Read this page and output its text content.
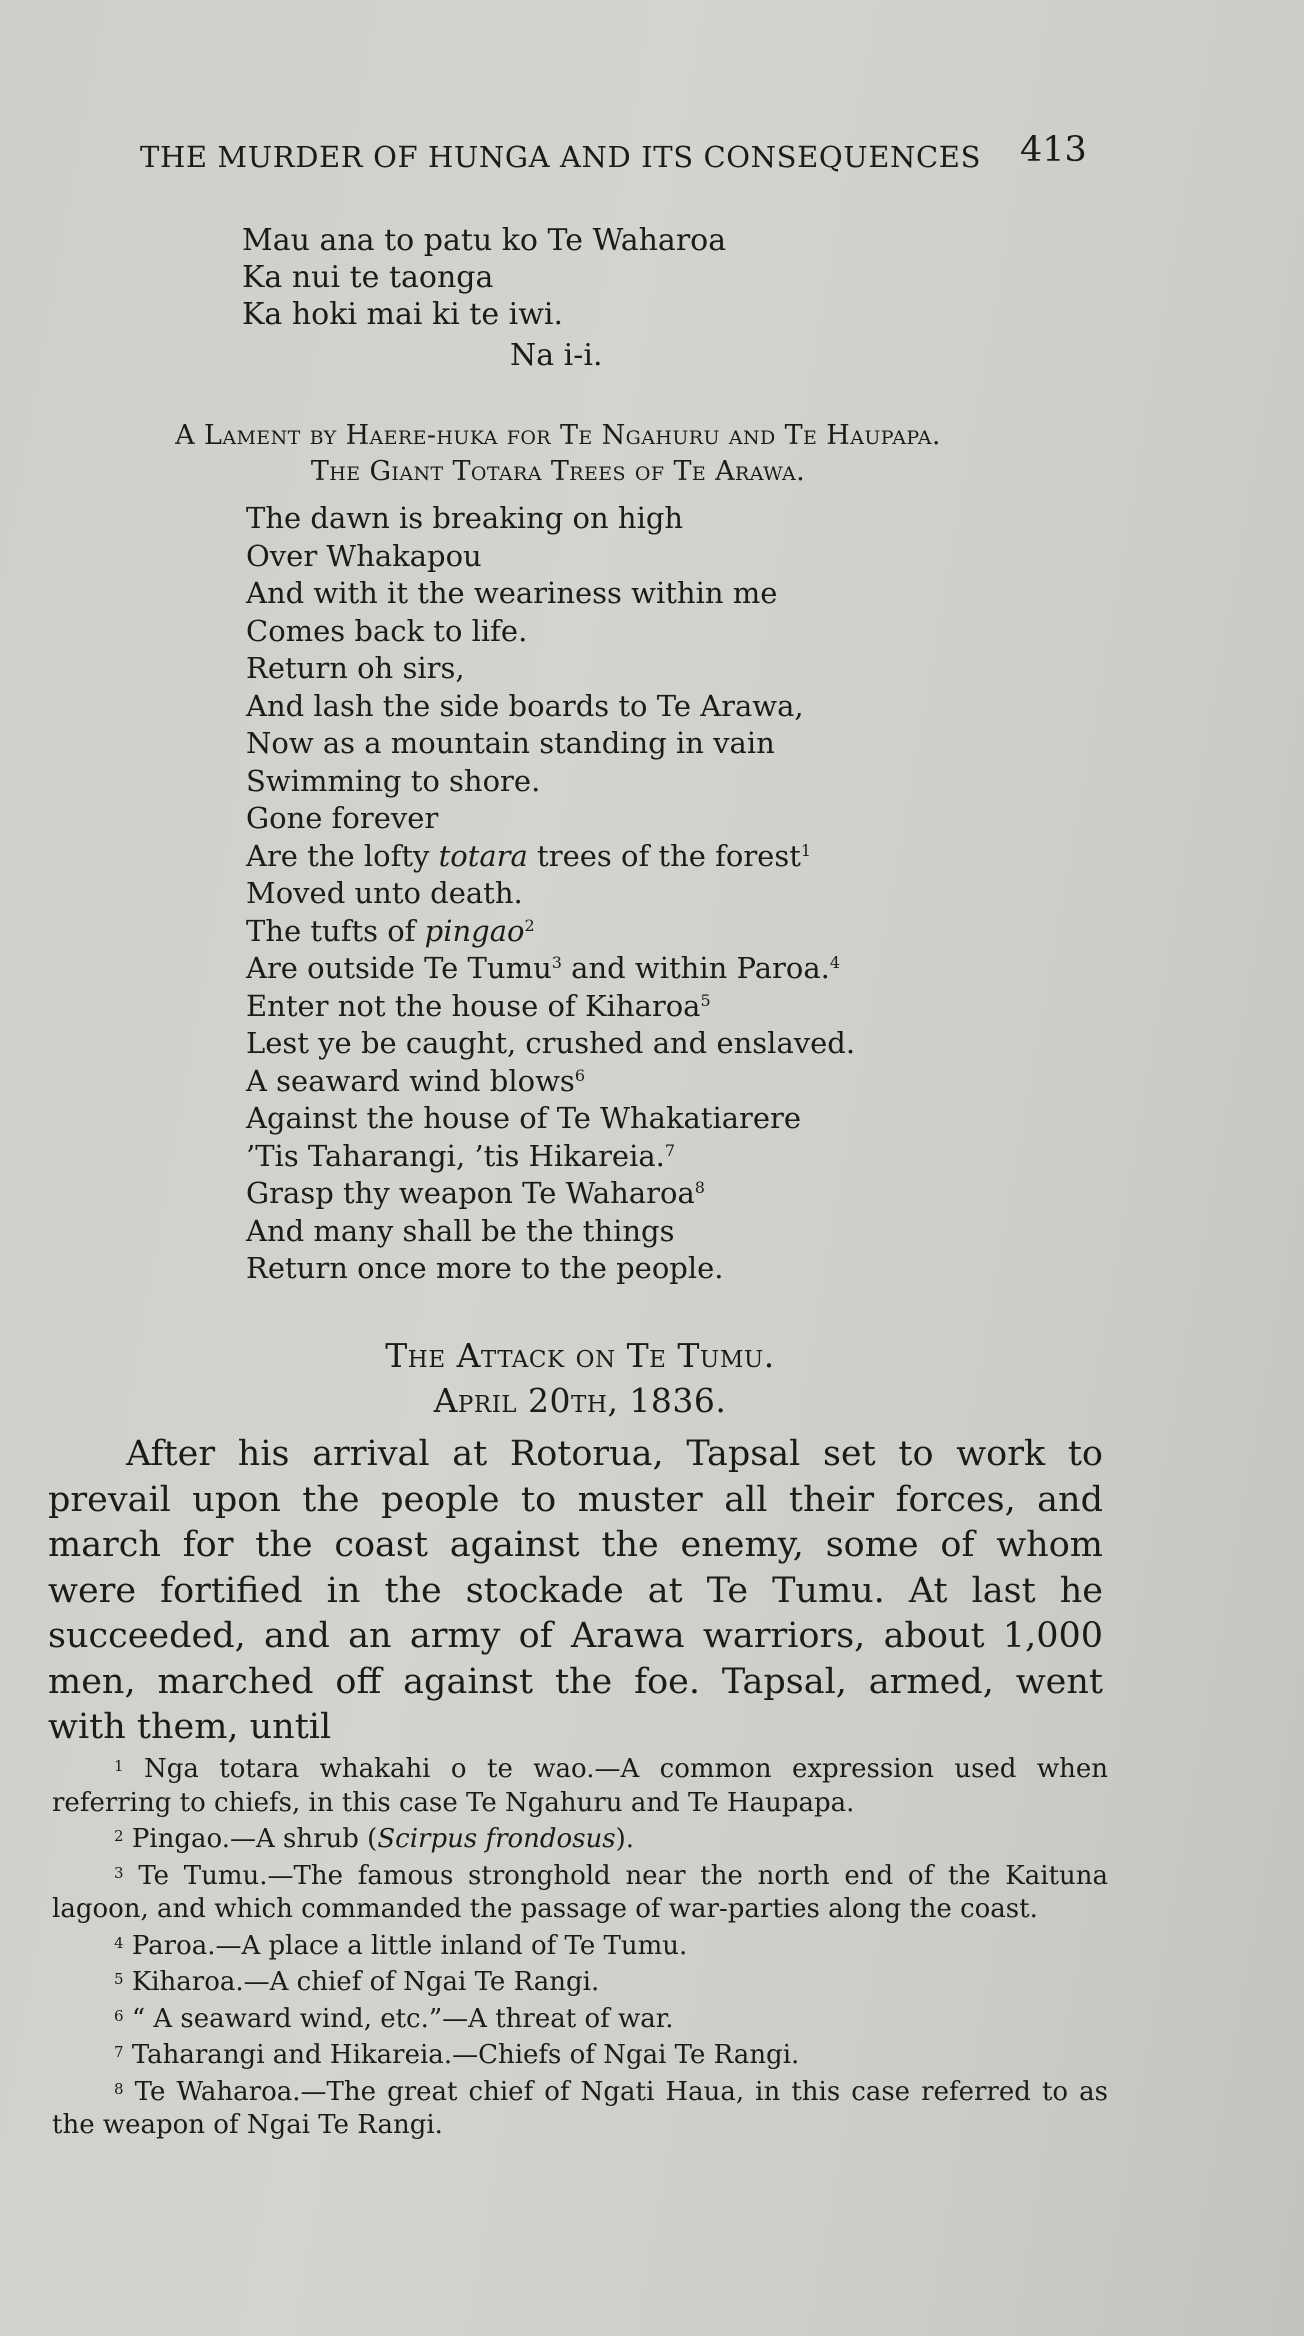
THE MURDER OF HUNGA AND ITS CONSEQUENCES 413
Mau ana to patu ko Te Waharoa
Ka nui te taonga
Ka hoki mai ki te iwi.
Na i-i.
A Lament by Haere-huka for Te Ngahuru and Te Haupapa.
The Giant Totara Trees of Te Arawa.
The dawn is breaking on high
Over Whakapou
And with it the weariness within me
Comes back to life.
Return oh sirs,
And lash the side boards to Te Arawa,
Now as a mountain standing in vain
Swimming to shore.
Gone forever
Are the lofty totara trees of the forest$^1$
Moved unto death.
The tufts of pingao$^2$
Are outside Te Tumu$^3$ and within Paroa.$^4$
Enter not the house of Kiharoa$^5$
Lest ye be caught, crushed and enslaved.
A seaward wind blows$^6$
Against the house of Te Whakatiarere
’Tis Taharangi, ’tis Hikareia.$^7$
Grasp thy weapon Te Waharoa$^8$
And many shall be the things
Return once more to the people.
The Attack on Te Tumu.
April 20th, 1836.

After his arrival at Rotorua, Tapsal set to work to prevail upon the people to muster all their forces, and march for the coast against the enemy, some of whom were fortified in the stockade at Te Tumu. At last he succeeded, and an army of Arawa warriors, about 1,000 men, marched off against the foe. Tapsal, armed, went with them, until

$^1$ Nga totara whakahi o te wao.—A common expression used when referring to chiefs, in this case Te Ngahuru and Te Haupapa.

$^2$ Pingao.—A shrub (Scirpus frondosus).

$^3$ Te Tumu.—The famous stronghold near the north end of the Kaituna lagoon, and which commanded the passage of war-parties along the coast.

$^4$ Paroa.—A place a little inland of Te Tumu.

$^5$ Kiharoa.—A chief of Ngai Te Rangi.

$^6$ “ A seaward wind, etc.”—A threat of war.

$^7$ Taharangi and Hikareia.—Chiefs of Ngai Te Rangi.

$^8$ Te Waharoa.—The great chief of Ngati Haua, in this case referred to as the weapon of Ngai Te Rangi.
